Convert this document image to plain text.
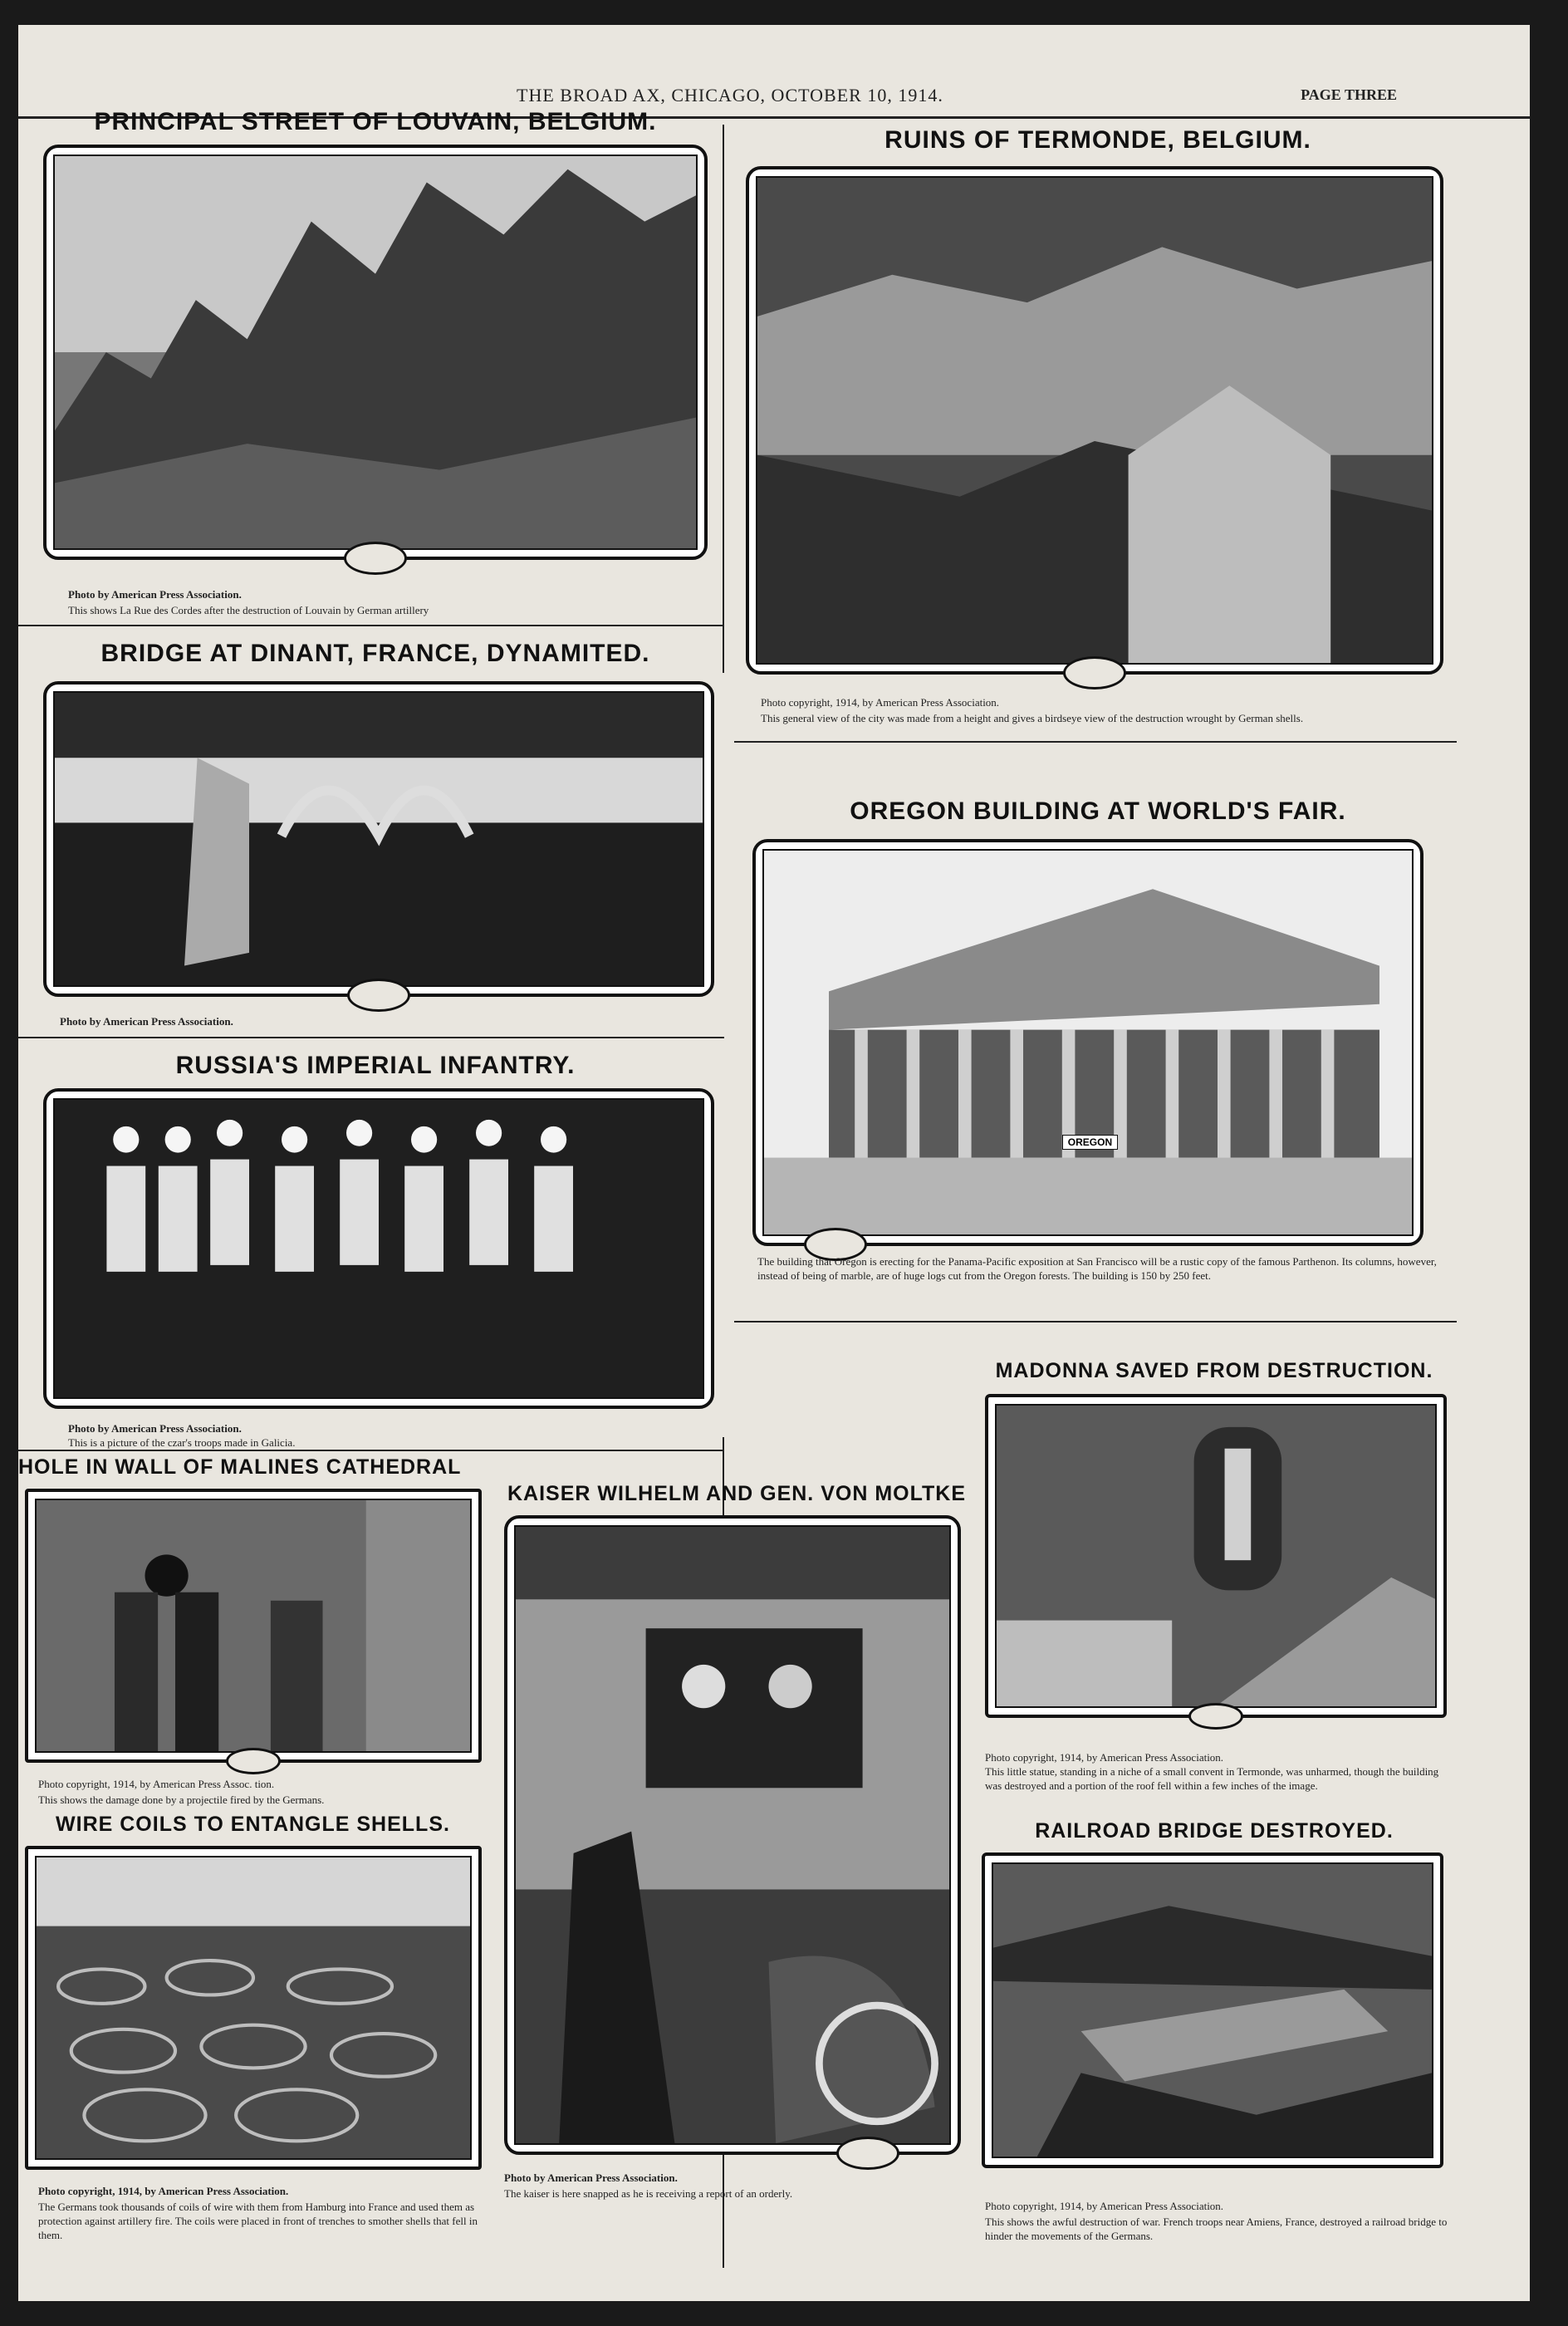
THE BROAD AX, CHICAGO, OCTOBER 10, 1914.	PAGE THREE
PRINCIPAL STREET OF LOUVAIN, BELGIUM.
Photo by American Press Association.
This shows La Rue des Cordes after the destruction of Louvain by German artillery
RUINS OF TERMONDE, BELGIUM.
Photo copyright, 1914, by American Press Association.
This general view of the city was made from a height and gives a birdseye view of the destruction wrought by German shells.
BRIDGE AT DINANT, FRANCE, DYNAMITED.
Photo by American Press Association.
OREGON BUILDING AT WORLD'S FAIR.
OREGON
The building that Oregon is erecting for the Panama-Pacific exposition at San Francisco will be a rustic copy of the famous Parthenon. Its columns, however, instead of being of marble, are of huge logs cut from the Oregon forests. The building is 150 by 250 feet.
RUSSIA'S IMPERIAL INFANTRY.
Photo by American Press Association.
This is a picture of the czar's troops made in Galicia.
MADONNA SAVED FROM DESTRUCTION.
Photo copyright, 1914, by American Press Association.
This little statue, standing in a niche of a small convent in Termonde, was unharmed, though the building was destroyed and a portion of the roof fell within a few inches of the image.
HOLE IN WALL OF MALINES CATHEDRAL
Photo copyright, 1914, by American Press Assoc. tion.
This shows the damage done by a projectile fired by the Germans.
KAISER WILHELM AND GEN. VON MOLTKE
Photo by American Press Association.
The kaiser is here snapped as he is receiving a report of an orderly.
WIRE COILS TO ENTANGLE SHELLS.
Photo copyright, 1914, by American Press Association.
The Germans took thousands of coils of wire with them from Hamburg into France and used them as protection against artillery fire. The coils were placed in front of trenches to smother shells that fell in them.
RAILROAD BRIDGE DESTROYED.
Photo copyright, 1914, by American Press Association.
This shows the awful destruction of war. French troops near Amiens, France, destroyed a railroad bridge to hinder the movements of the Germans.
